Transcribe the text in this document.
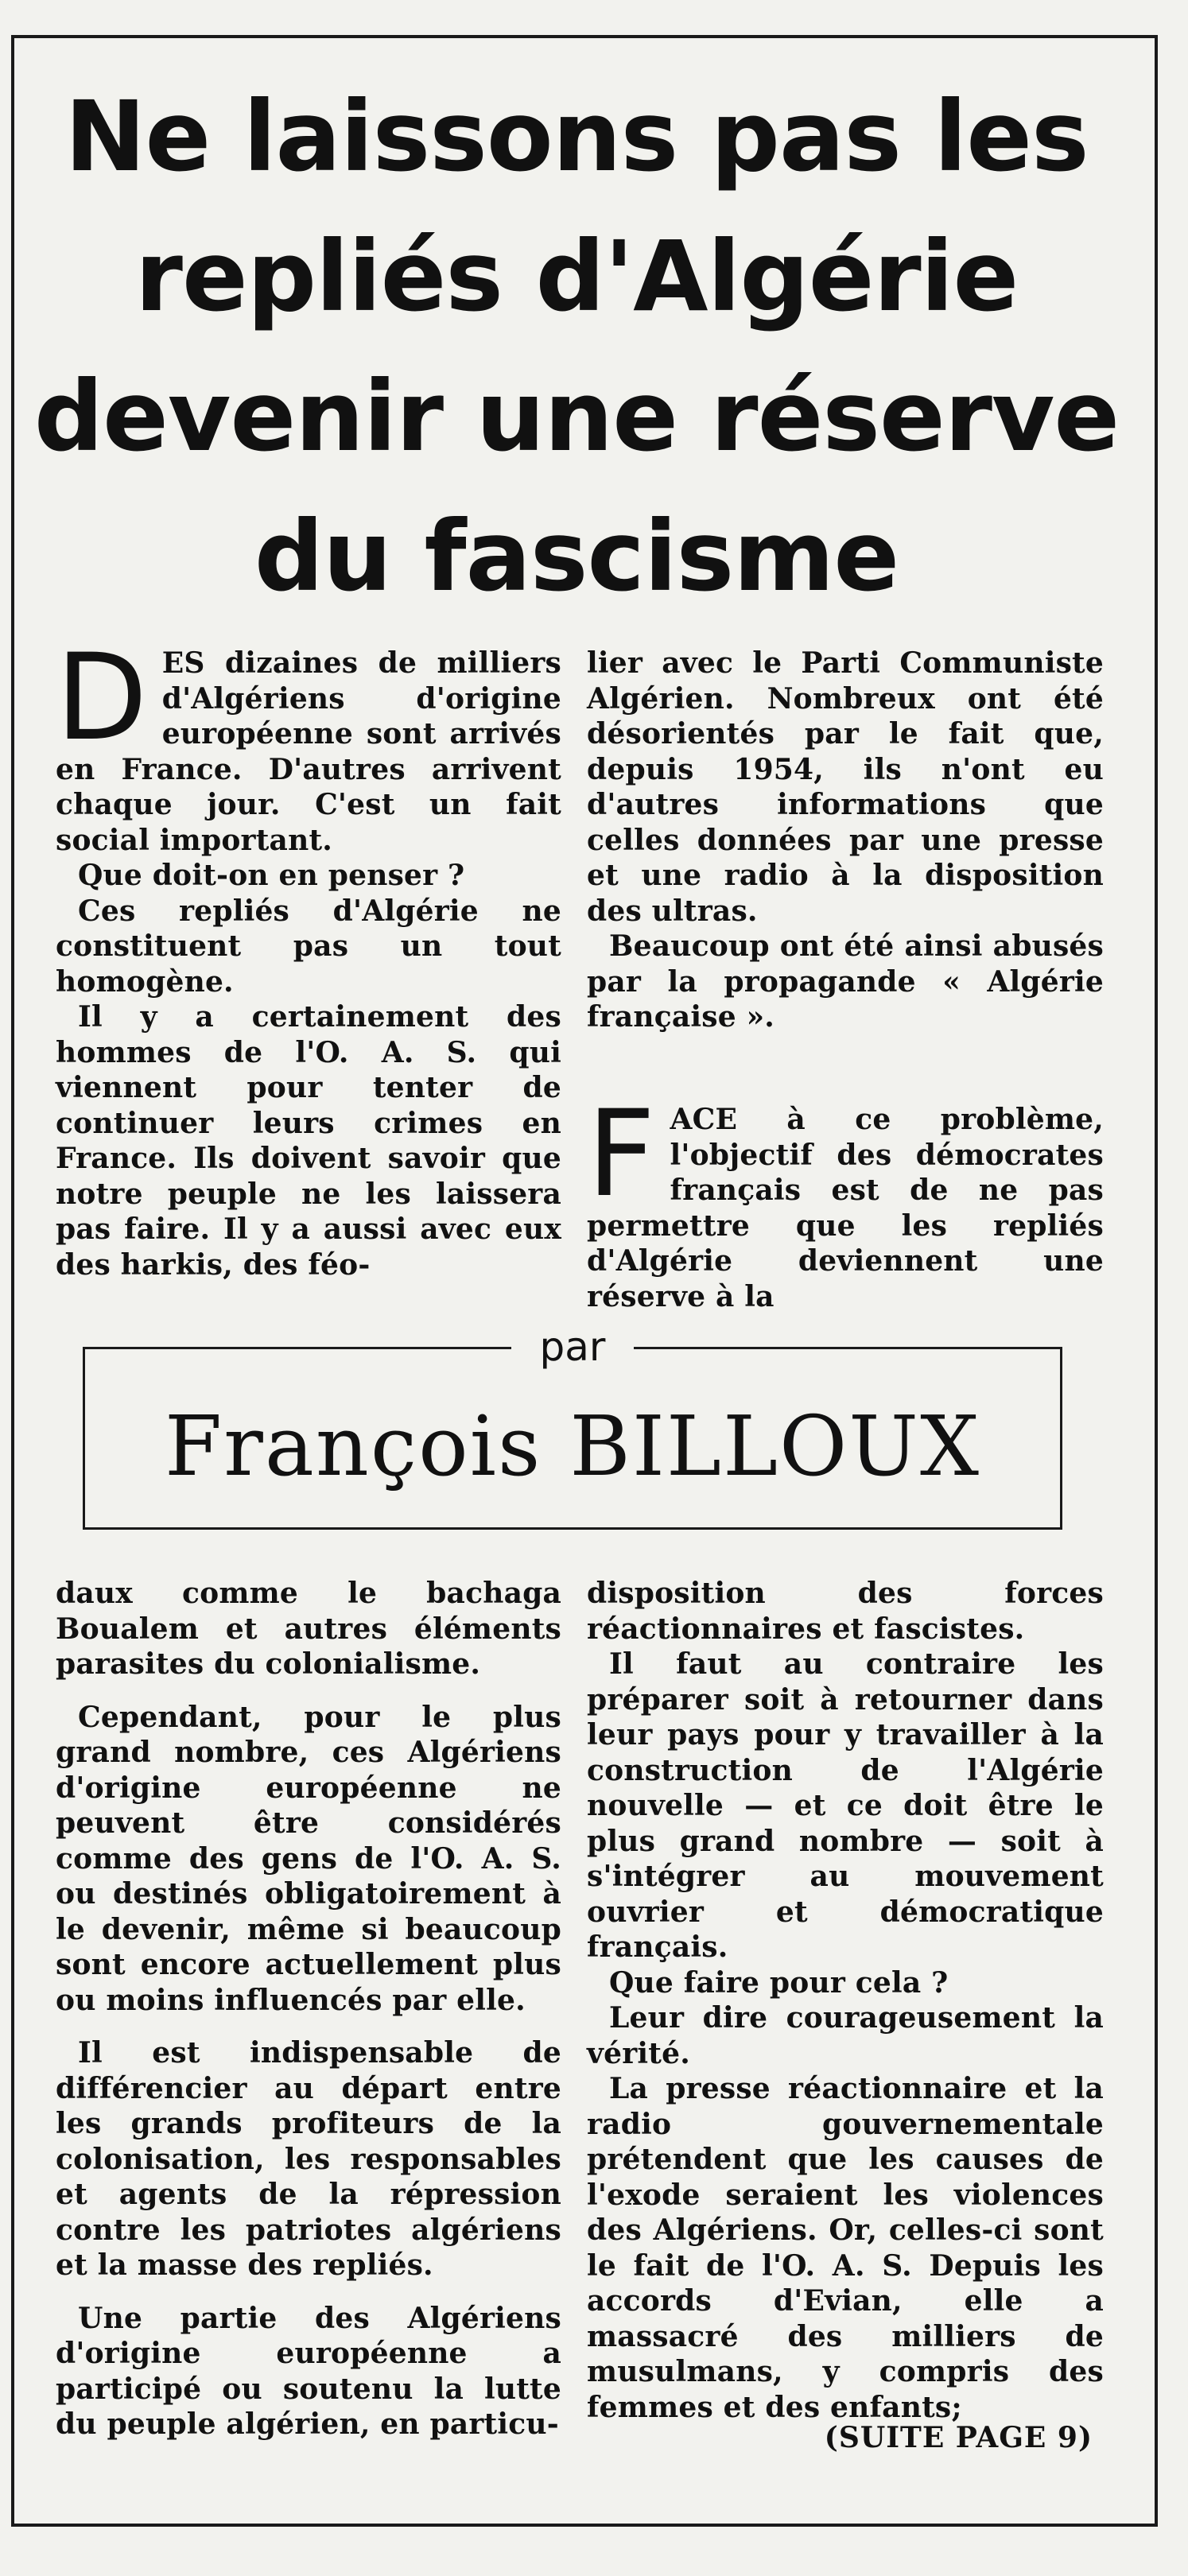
Ne laissons pas les repliés d'Algérie devenir une réserve du fascisme

DES dizaines de milliers d'Algériens d'origine européenne sont arrivés en France. D'autres arrivent chaque jour. C'est un fait social important.

Que doit-on en penser ?

Ces repliés d'Algérie ne constituent pas un tout homogène.

Il y a certainement des hommes de l'O. A. S. qui viennent pour tenter de continuer leurs crimes en France. Ils doivent savoir que notre peuple ne les laissera pas faire. Il y a aussi avec eux des harkis, des féo-

lier avec le Parti Communiste Algérien. Nombreux ont été désorientés par le fait que, depuis 1954, ils n'ont eu d'autres informations que celles données par une presse et une radio à la disposition des ultras.

Beaucoup ont été ainsi abusés par la propagande « Algérie française ».

FACE à ce problème, l'objectif des démocrates français est de ne pas permettre que les repliés d'Algérie deviennent une réserve à la

par
François BILLOUX

daux comme le bachaga Boualem et autres éléments parasites du colonialisme.

Cependant, pour le plus grand nombre, ces Algériens d'origine européenne ne peuvent être considérés comme des gens de l'O. A. S. ou destinés obligatoirement à le devenir, même si beaucoup sont encore actuellement plus ou moins influencés par elle.

Il est indispensable de différencier au départ entre les grands profiteurs de la colonisation, les responsables et agents de la répression contre les patriotes algériens et la masse des repliés.

Une partie des Algériens d'origine européenne a participé ou soutenu la lutte du peuple algérien, en particu-

disposition des forces réactionnaires et fascistes.

Il faut au contraire les préparer soit à retourner dans leur pays pour y travailler à la construction de l'Algérie nouvelle — et ce doit être le plus grand nombre — soit à s'intégrer au mouvement ouvrier et démocratique français.

Que faire pour cela ?

Leur dire courageusement la vérité.

La presse réactionnaire et la radio gouvernementale prétendent que les causes de l'exode seraient les violences des Algériens. Or, celles-ci sont le fait de l'O. A. S. Depuis les accords d'Evian, elle a massacré des milliers de musulmans, y compris des femmes et des enfants;

(SUITE PAGE 9)
